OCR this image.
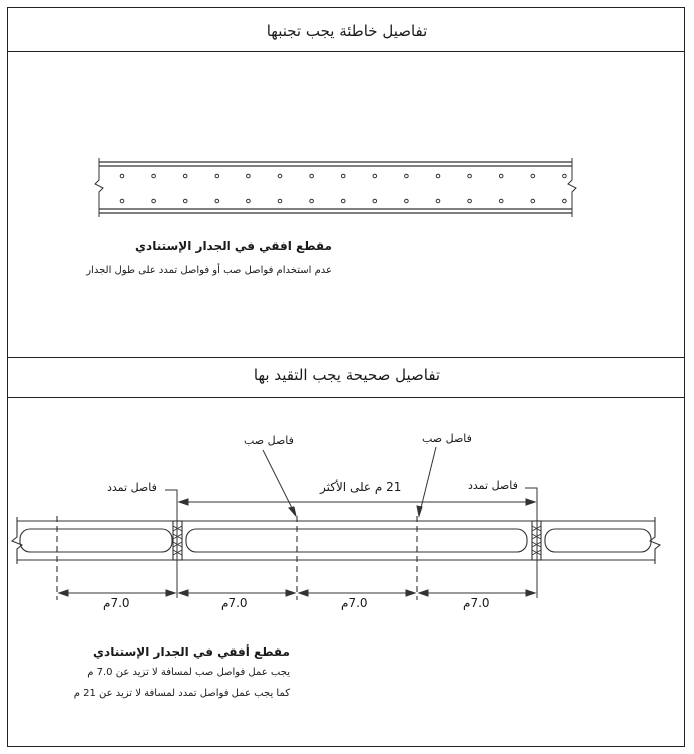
تفاصيل خاطئة يجب تجنبها
تفاصيل صحيحة يجب التقيد بها
مقطع افقي في الجدار الإستنادي
عدم استخدام فواصل صب أو فواصل تمدد على طول الجدار
فاصل صب	فاصل صب
فاصل تمدد	فاصل تمدد
21 م على الأكثر
7.0م	7.0م	7.0م	7.0م
مقطع أفقي في الجدار الإستنادي
يجب عمل فواصل صب لمسافة لا تزيد عن 7.0 م
كما يجب عمل فواصل تمدد لمسافة لا تزيد عن 21 م
